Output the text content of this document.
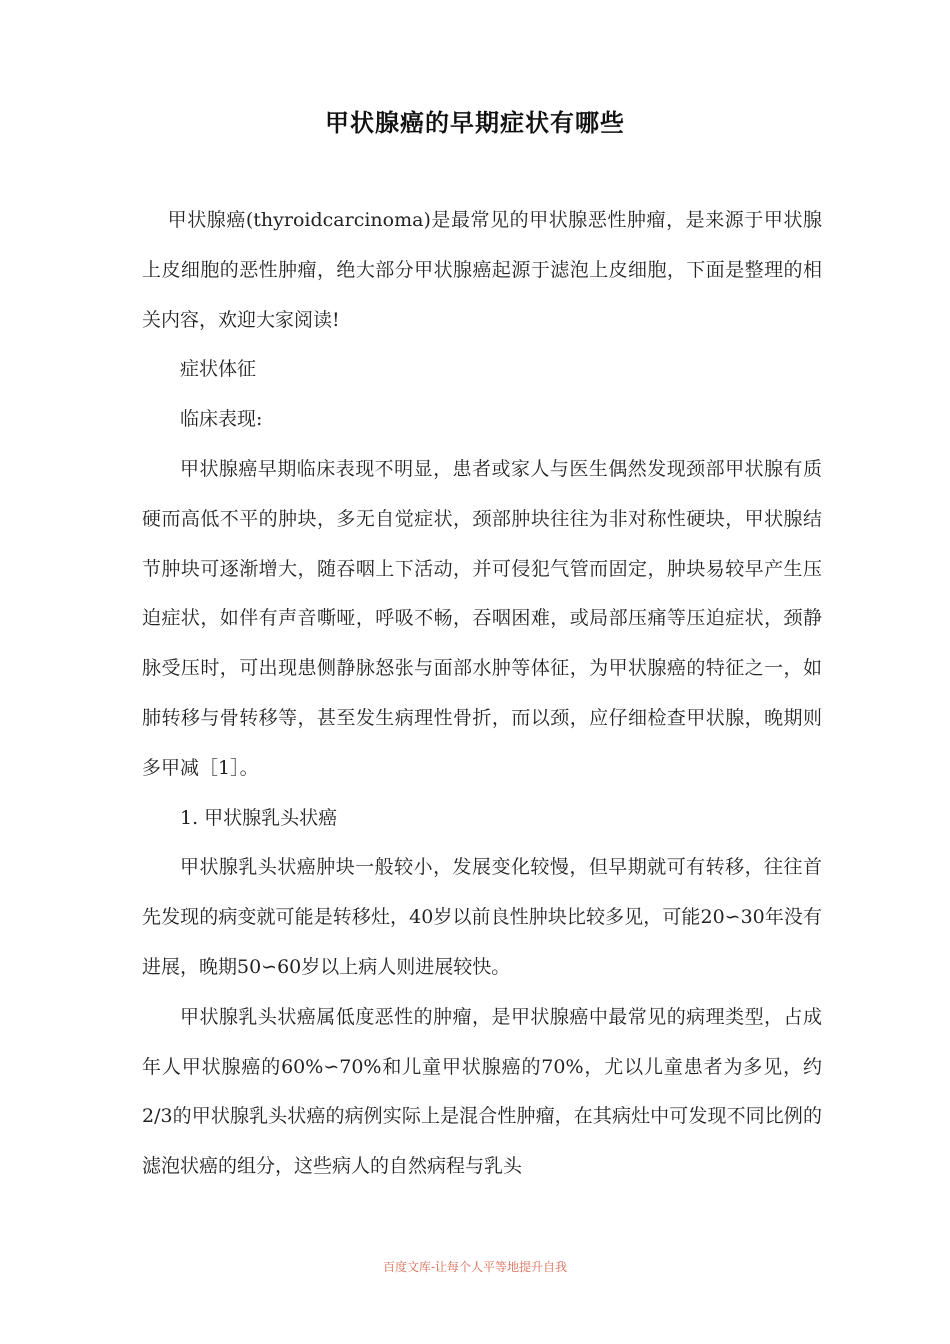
甲状腺癌的早期症状有哪些

甲状腺癌(thyroidcarcinoma)是最常见的甲状腺恶性肿瘤，是来源于甲状腺上皮细胞的恶性肿瘤，绝大部分甲状腺癌起源于滤泡上皮细胞，下面是整理的相关内容，欢迎大家阅读!

症状体征

临床表现:

甲状腺癌早期临床表现不明显，患者或家人与医生偶然发现颈部甲状腺有质硬而高低不平的肿块，多无自觉症状，颈部肿块往往为非对称性硬块，甲状腺结节肿块可逐渐增大，随吞咽上下活动，并可侵犯气管而固定，肿块易较早产生压迫症状，如伴有声音嘶哑，呼吸不畅，吞咽困难，或局部压痛等压迫症状，颈静脉受压时，可出现患侧静脉怒张与面部水肿等体征，为甲状腺癌的特征之一，如肺转移与骨转移等，甚至发生病理性骨折，而以颈，应仔细检查甲状腺，晚期则多甲减［1］。

1. 甲状腺乳头状癌

甲状腺乳头状癌肿块一般较小，发展变化较慢，但早期就可有转移，往往首先发现的病变就可能是转移灶，40岁以前良性肿块比较多见，可能20∽30年没有进展，晚期50∽60岁以上病人则进展较快。

甲状腺乳头状癌属低度恶性的肿瘤，是甲状腺癌中最常见的病理类型，占成年人甲状腺癌的60%∽70%和儿童甲状腺癌的70%，尤以儿童患者为多见，约2/3的甲状腺乳头状癌的病例实际上是混合性肿瘤，在其病灶中可发现不同比例的滤泡状癌的组分，这些病人的自然病程与乳头

百度文库-让每个人平等地提升自我
